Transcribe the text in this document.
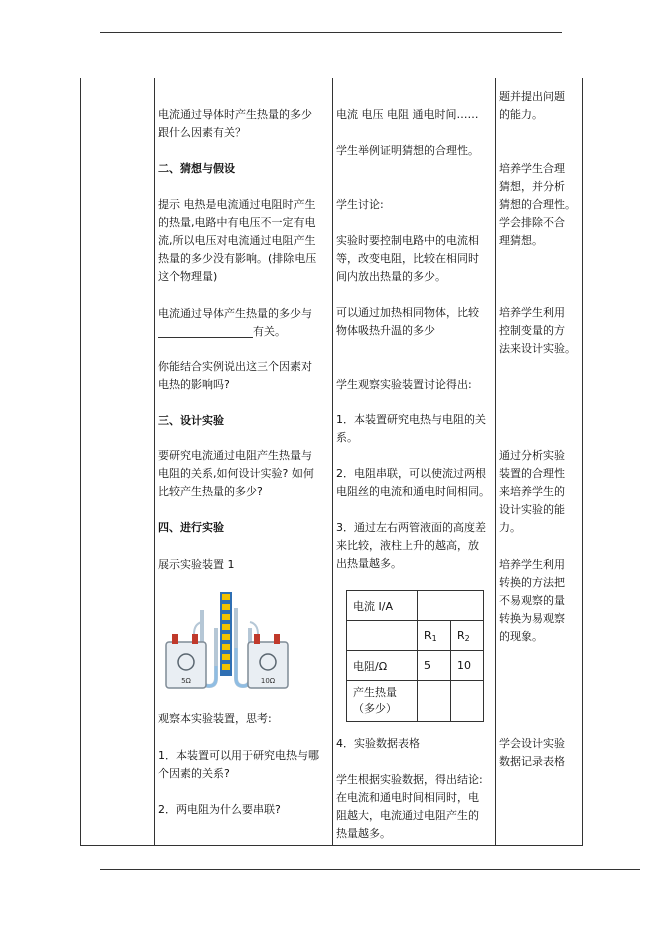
电流通过导体时产生热量的多少
跟什么因素有关？
二、猜想与假设
提示 电热是电流通过电阻时产生
的热量,电路中有电压不一定有电
流,所以电压对电流通过电阻产生
热量的多少没有影响。(排除电压
这个物理量)
电流通过导体产生热量的多少与
有关。
你能结合实例说出这三个因素对
电热的影响吗?
三、设计实验
要研究电流通过电阻产生热量与
电阻的关系,如何设计实验? 如何
比较产生热量的多少?
四、进行实验
展示实验装置 1
5Ω	10Ω
观察本实验装置，思考:
1．本装置可以用于研究电热与哪
个因素的关系?
2．两电阻为什么要串联?
电流 电压 电阻 通电时间……
学生举例证明猜想的合理性。
学生讨论:
实验时要控制电路中的电流相
等，改变电阻，比较在相同时
间内放出热量的多少。
可以通过加热相同物体，比较
物体吸热升温的多少
学生观察实验装置讨论得出:
1．本装置研究电热与电阻的关
系。
2．电阻串联，可以使流过两根
电阻丝的电流和通电时间相同。
3．通过左右两管液面的高度差
来比较，液柱上升的越高，放
出热量越多。
电流 I/A		
	$R_1$	$R_2$
电阻/Ω	5	10
产生热量
（多少）		
4．实验数据表格
学生根据实验数据，得出结论:
在电流和通电时间相同时，电
阻越大，电流通过电阻产生的
热量越多。
题并提出问题
的能力。
培养学生合理
猜想，并分析
猜想的合理性。
学会排除不合
理猜想。
培养学生利用
控制变量的方
法来设计实验。
通过分析实验
装置的合理性
来培养学生的
设计实验的能
力。
培养学生利用
转换的方法把
不易观察的量
转换为易观察
的现象。
学会设计实验
数据记录表格
